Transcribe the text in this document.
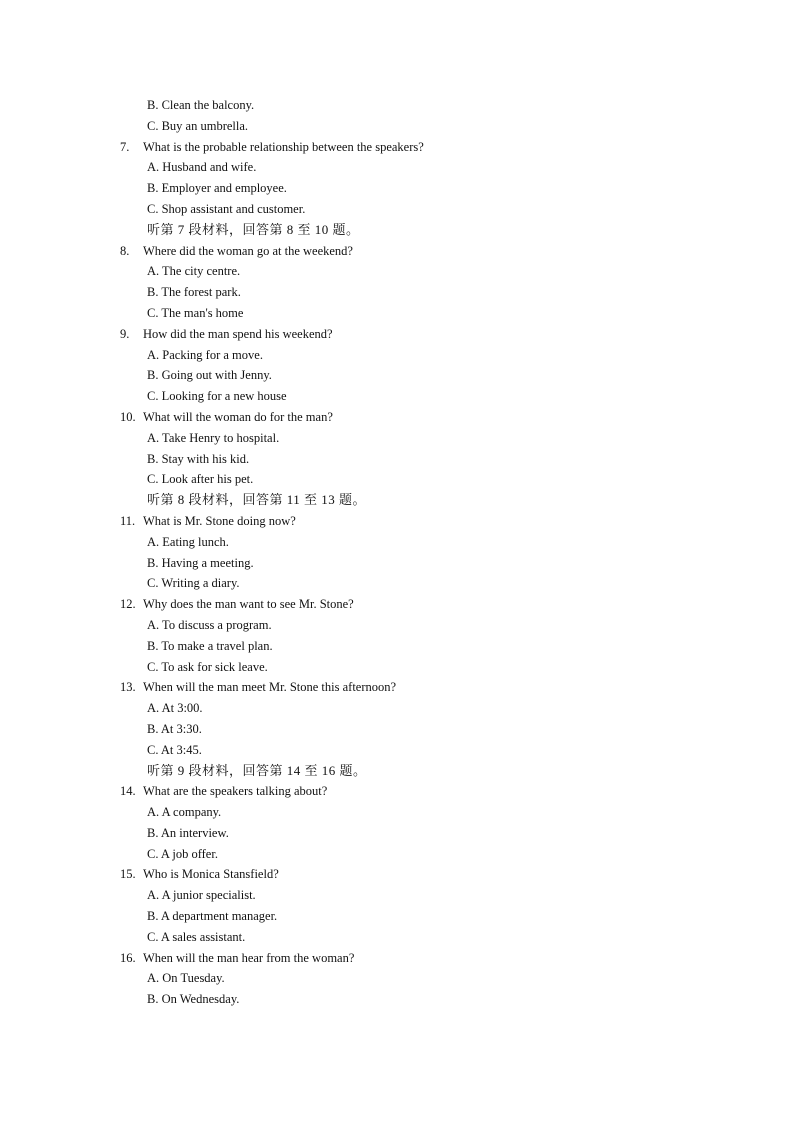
B. Clean the balcony.
C. Buy an umbrella.
7. What is the probable relationship between the speakers?
A. Husband and wife.
B. Employer and employee.
C. Shop assistant and customer.
听第 7 段材料，回答第 8 至 10 题。
8. Where did the woman go at the weekend?
A. The city centre.
B. The forest park.
C. The man's home
9. How did the man spend his weekend?
A. Packing for a move.
B. Going out with Jenny.
C. Looking for a new house
10. What will the woman do for the man?
A. Take Henry to hospital.
B. Stay with his kid.
C. Look after his pet.
听第 8 段材料，回答第 11 至 13 题。
11. What is Mr. Stone doing now?
A. Eating lunch.
B. Having a meeting.
C. Writing a diary.
12. Why does the man want to see Mr. Stone?
A. To discuss a program.
B. To make a travel plan.
C. To ask for sick leave.
13. When will the man meet Mr. Stone this afternoon?
A. At 3:00.
B. At 3:30.
C. At 3:45.
听第 9 段材料，回答第 14 至 16 题。
14. What are the speakers talking about?
A. A company.
B. An interview.
C. A job offer.
15. Who is Monica Stansfield?
A. A junior specialist.
B. A department manager.
C. A sales assistant.
16. When will the man hear from the woman?
A. On Tuesday.
B. On Wednesday.
